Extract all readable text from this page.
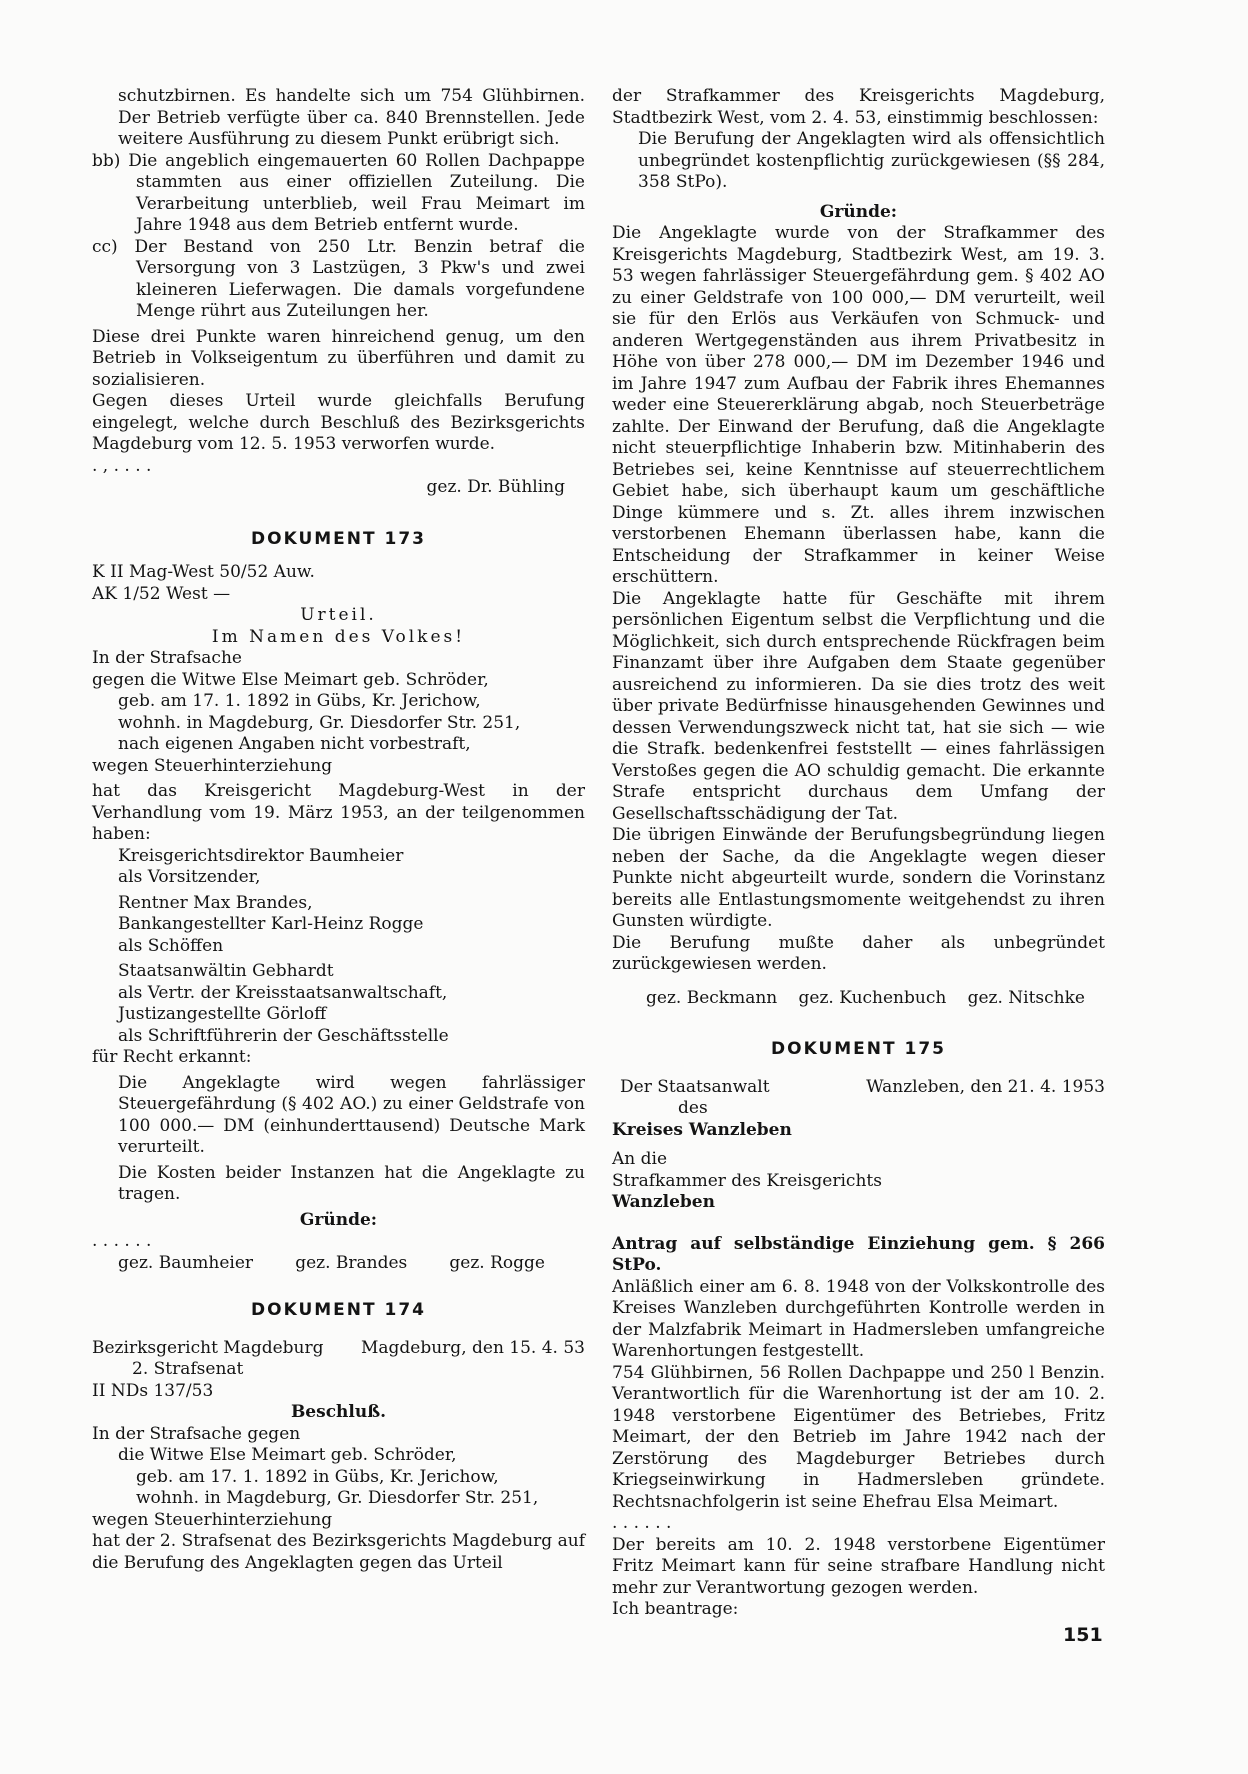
schutzbirnen. Es handelte sich um 754 Glühbirnen. Der Betrieb verfügte über ca. 840 Brennstellen. Jede weitere Ausführung zu diesem Punkt erübrigt sich.

bb) Die angeblich eingemauerten 60 Rollen Dachpappe stammten aus einer offiziellen Zuteilung. Die Verarbeitung unterblieb, weil Frau Meimart im Jahre 1948 aus dem Betrieb entfernt wurde.

cc) Der Bestand von 250 Ltr. Benzin betraf die Versorgung von 3 Lastzügen, 3 Pkw's und zwei kleineren Lieferwagen. Die damals vorgefundene Menge rührt aus Zuteilungen her.

Diese drei Punkte waren hinreichend genug, um den Betrieb in Volkseigentum zu überführen und damit zu sozialisieren.

Gegen dieses Urteil wurde gleichfalls Berufung eingelegt, welche durch Beschluß des Bezirksgerichts Magdeburg vom 12. 5. 1953 verworfen wurde.

. , . . . .

gez. Dr. Bühling

DOKUMENT 173

K II Mag-West 50/52 Auw.

AK 1/52 West —

Urteil.

Im Namen des Volkes!

In der Strafsache

gegen die Witwe Else Meimart geb. Schröder,

geb. am 17. 1. 1892 in Gübs, Kr. Jerichow,

wohnh. in Magdeburg, Gr. Diesdorfer Str. 251,

nach eigenen Angaben nicht vorbestraft,

wegen Steuerhinterziehung

hat das Kreisgericht Magdeburg-West in der Verhandlung vom 19. März 1953, an der teilgenommen haben:

Kreisgerichtsdirektor Baumheier

als Vorsitzender,

Rentner Max Brandes,

Bankangestellter Karl-Heinz Rogge

als Schöffen

Staatsanwältin Gebhardt

als Vertr. der Kreisstaatsanwaltschaft,

Justizangestellte Görloff

als Schriftführerin der Geschäftsstelle

für Recht erkannt:

Die Angeklagte wird wegen fahrlässiger Steuergefährdung (§ 402 AO.) zu einer Geldstrafe von 100 000.— DM (einhunderttausend) Deutsche Mark verurteilt.

Die Kosten beider Instanzen hat die Angeklagte zu tragen.

Gründe:

. . . . . .

gez. Baumheier gez. Brandes gez. Rogge

DOKUMENT 174

Bezirksgericht Magdeburg Magdeburg, den 15. 4. 53

2. Strafsenat

II NDs 137/53

Beschluß.

In der Strafsache gegen

die Witwe Else Meimart geb. Schröder,

geb. am 17. 1. 1892 in Gübs, Kr. Jerichow,

wohnh. in Magdeburg, Gr. Diesdorfer Str. 251,

wegen Steuerhinterziehung

hat der 2. Strafsenat des Bezirksgerichts Magdeburg auf die Berufung des Angeklagten gegen das Urteil

der Strafkammer des Kreisgerichts Magdeburg, Stadtbezirk West, vom 2. 4. 53, einstimmig beschlossen:

Die Berufung der Angeklagten wird als offensichtlich unbegründet kostenpflichtig zurückgewiesen (§§ 284, 358 StPo).

Gründe:

Die Angeklagte wurde von der Strafkammer des Kreisgerichts Magdeburg, Stadtbezirk West, am 19. 3. 53 wegen fahrlässiger Steuergefährdung gem. § 402 AO zu einer Geldstrafe von 100 000,— DM verurteilt, weil sie für den Erlös aus Verkäufen von Schmuck- und anderen Wertgegenständen aus ihrem Privatbesitz in Höhe von über 278 000,— DM im Dezember 1946 und im Jahre 1947 zum Aufbau der Fabrik ihres Ehemannes weder eine Steuererklärung abgab, noch Steuerbeträge zahlte. Der Einwand der Berufung, daß die Angeklagte nicht steuerpflichtige Inhaberin bzw. Mitinhaberin des Betriebes sei, keine Kenntnisse auf steuerrechtlichem Gebiet habe, sich überhaupt kaum um geschäftliche Dinge kümmere und s. Zt. alles ihrem inzwischen verstorbenen Ehemann überlassen habe, kann die Entscheidung der Strafkammer in keiner Weise erschüttern.

Die Angeklagte hatte für Geschäfte mit ihrem persönlichen Eigentum selbst die Verpflichtung und die Möglichkeit, sich durch entsprechende Rückfragen beim Finanzamt über ihre Aufgaben dem Staate gegenüber ausreichend zu informieren. Da sie dies trotz des weit über private Bedürfnisse hinausgehenden Gewinnes und dessen Verwendungszweck nicht tat, hat sie sich — wie die Strafk. bedenkenfrei feststellt — eines fahrlässigen Verstoßes gegen die AO schuldig gemacht. Die erkannte Strafe entspricht durchaus dem Umfang der Gesellschaftsschädigung der Tat.

Die übrigen Einwände der Berufungsbegründung liegen neben der Sache, da die Angeklagte wegen dieser Punkte nicht abgeurteilt wurde, sondern die Vorinstanz bereits alle Entlastungsmomente weitgehendst zu ihren Gunsten würdigte.

Die Berufung mußte daher als unbegründet zurückgewiesen werden.

gez. Beckmann gez. Kuchenbuch gez. Nitschke

DOKUMENT 175

Der Staatsanwalt
des
Kreises Wanzleben
Wanzleben, den 21. 4. 1953

An die

Strafkammer des Kreisgerichts

Wanzleben

Antrag auf selbständige Einziehung gem. § 266 StPo.

Anläßlich einer am 6. 8. 1948 von der Volkskontrolle des Kreises Wanzleben durchgeführten Kontrolle werden in der Malzfabrik Meimart in Hadmersleben umfangreiche Warenhortungen festgestellt.

754 Glühbirnen, 56 Rollen Dachpappe und 250 l Benzin. Verantwortlich für die Warenhortung ist der am 10. 2. 1948 verstorbene Eigentümer des Betriebes, Fritz Meimart, der den Betrieb im Jahre 1942 nach der Zerstörung des Magdeburger Betriebes durch Kriegseinwirkung in Hadmersleben gründete. Rechtsnachfolgerin ist seine Ehefrau Elsa Meimart.

. . . . . .

Der bereits am 10. 2. 1948 verstorbene Eigentümer Fritz Meimart kann für seine strafbare Handlung nicht mehr zur Verantwortung gezogen werden.

Ich beantrage:

151
